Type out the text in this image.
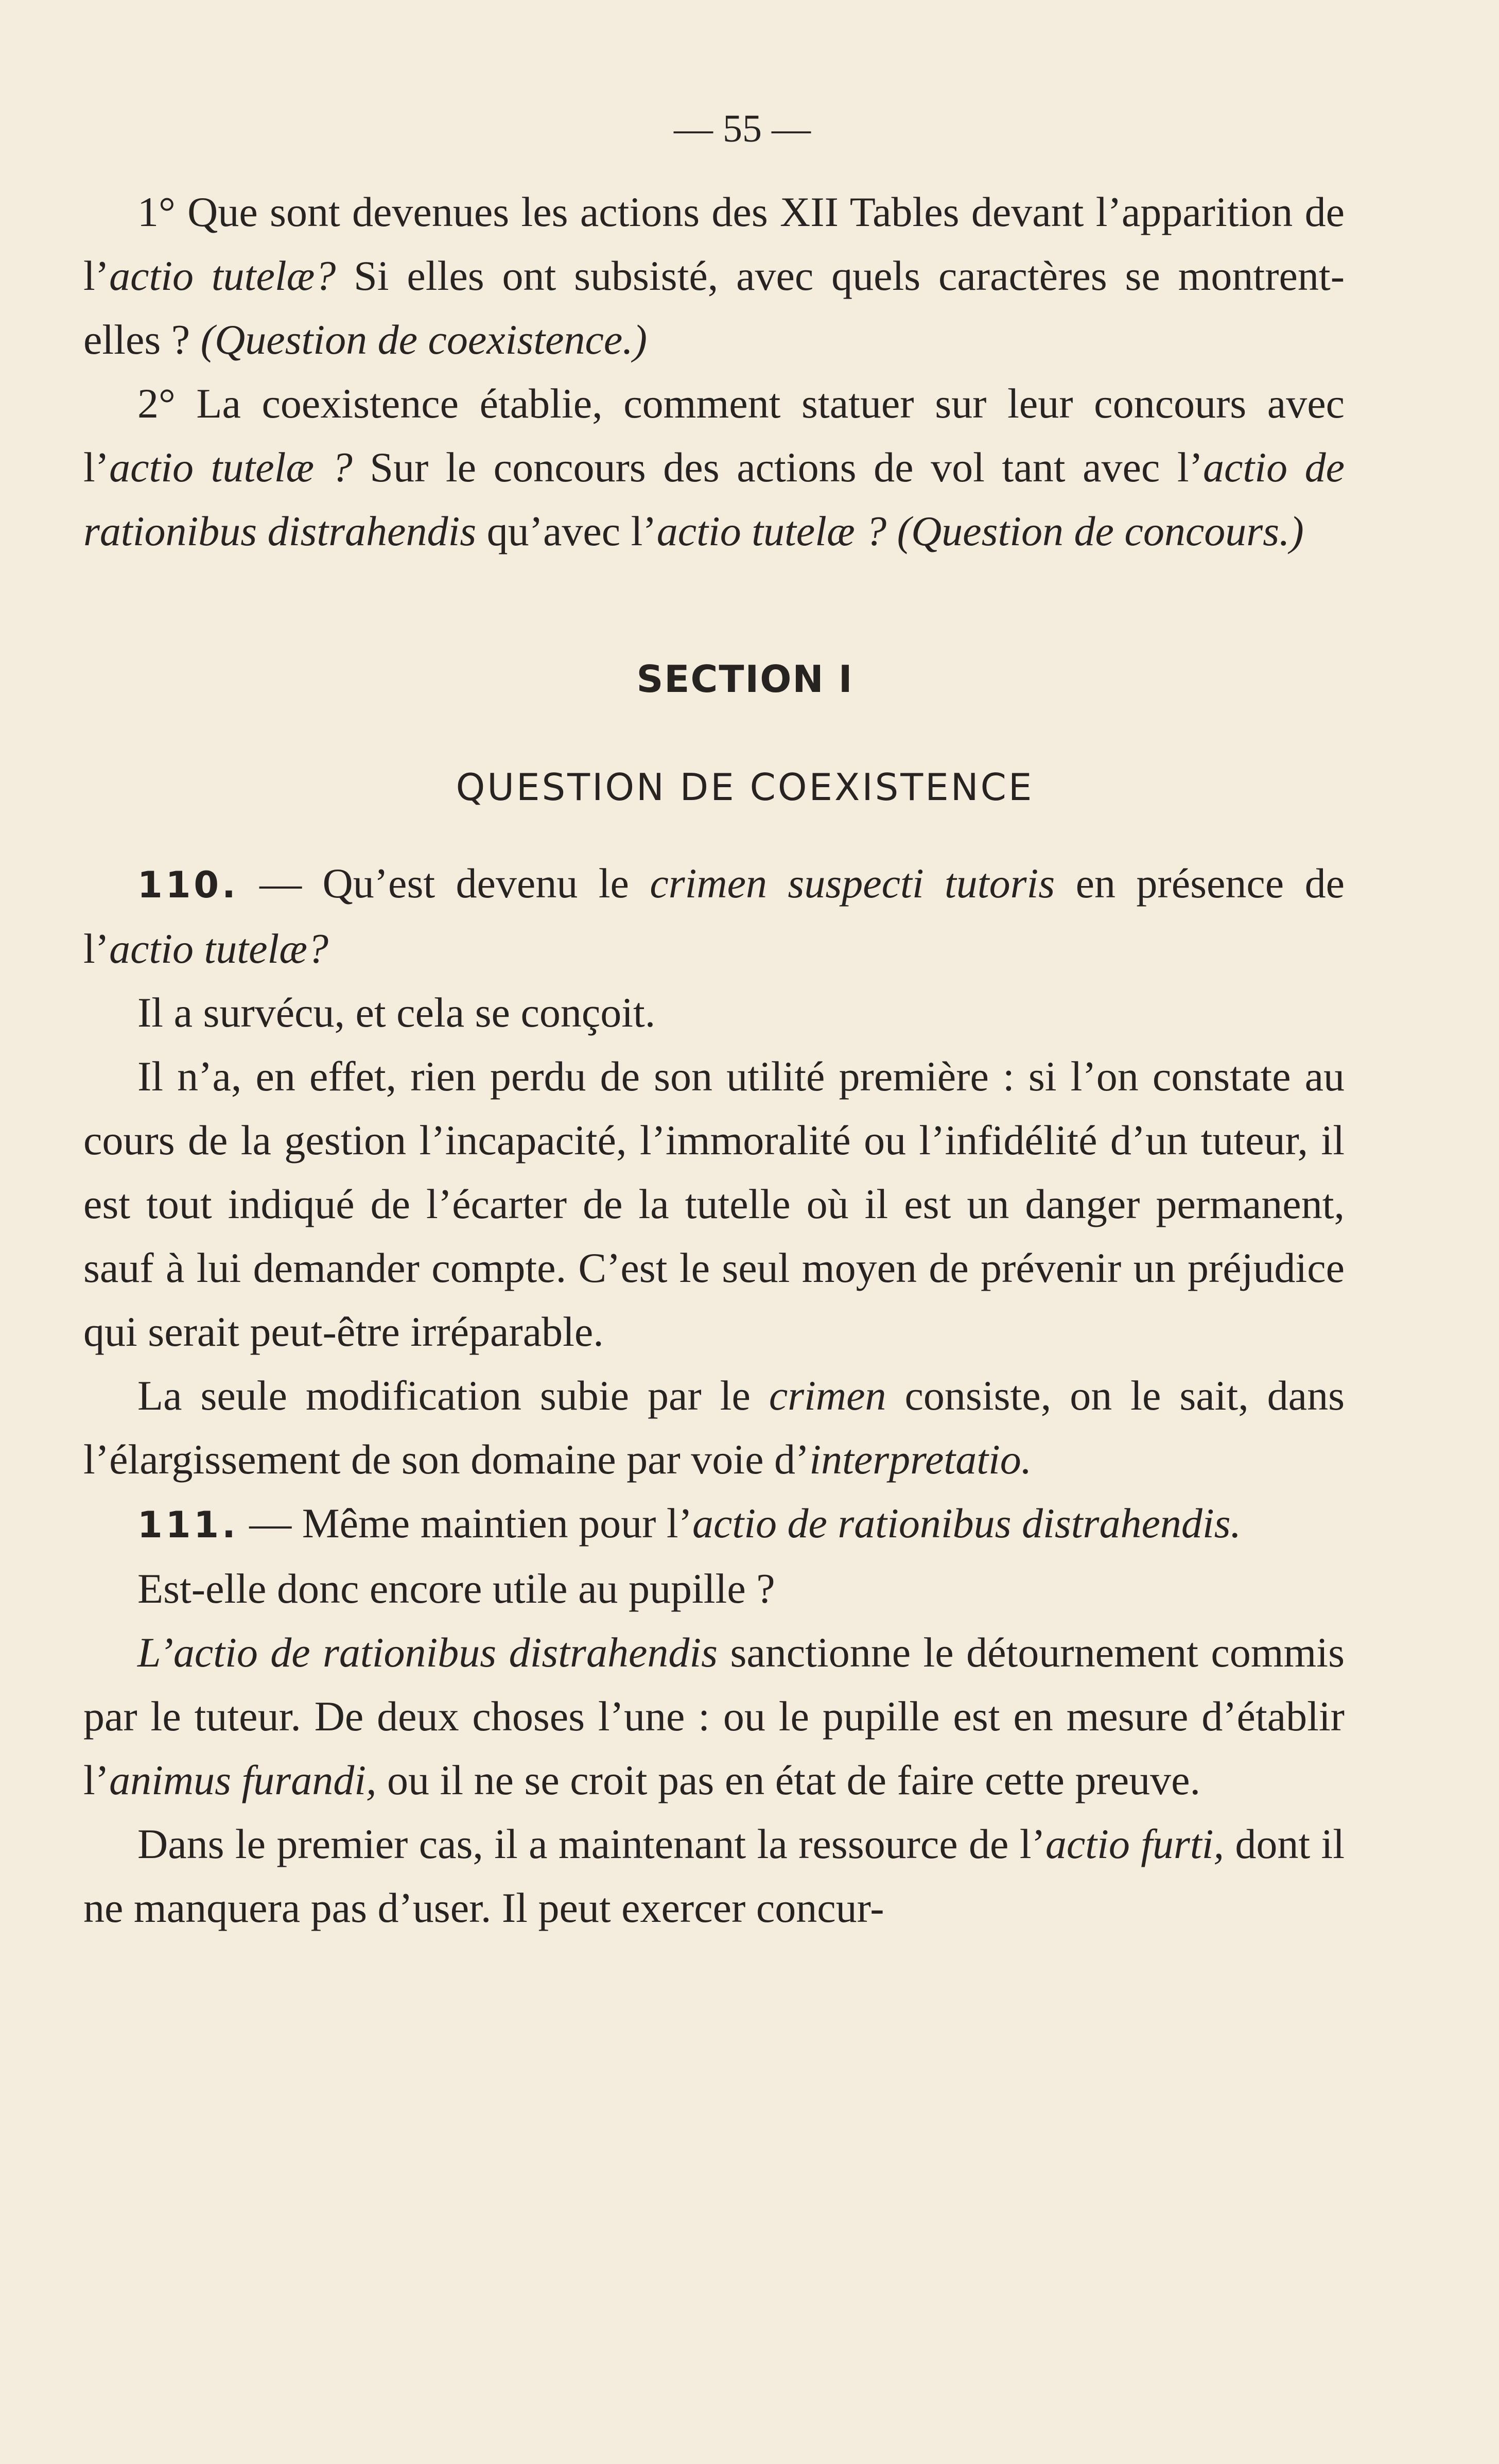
— 55 —

1° Que sont devenues les actions des XII Tables devant l’apparition de l’actio tutelæ? Si elles ont subsisté, avec quels caractères se montrent-elles ? (Question de coexistence.)

2° La coexistence établie, comment statuer sur leur concours avec l’actio tutelæ ? Sur le concours des actions de vol tant avec l’actio de rationibus distrahendis qu’avec l’actio tutelæ ? (Question de concours.)

SECTION I
QUESTION DE COEXISTENCE

110. — Qu’est devenu le crimen suspecti tutoris en présence de l’actio tutelæ?

Il a survécu, et cela se conçoit.

Il n’a, en effet, rien perdu de son utilité première : si l’on constate au cours de la gestion l’incapacité, l’immoralité ou l’infidélité d’un tuteur, il est tout indiqué de l’écarter de la tutelle où il est un danger permanent, sauf à lui demander compte. C’est le seul moyen de prévenir un préjudice qui serait peut-être irréparable.

La seule modification subie par le crimen consiste, on le sait, dans l’élargissement de son domaine par voie d’interpretatio.

111. — Même maintien pour l’actio de rationibus distrahendis.

Est-elle donc encore utile au pupille ?

L’actio de rationibus distrahendis sanctionne le détournement commis par le tuteur. De deux choses l’une : ou le pupille est en mesure d’établir l’animus furandi, ou il ne se croit pas en état de faire cette preuve.

Dans le premier cas, il a maintenant la ressource de l’actio furti, dont il ne manquera pas d’user. Il peut exercer concur-
